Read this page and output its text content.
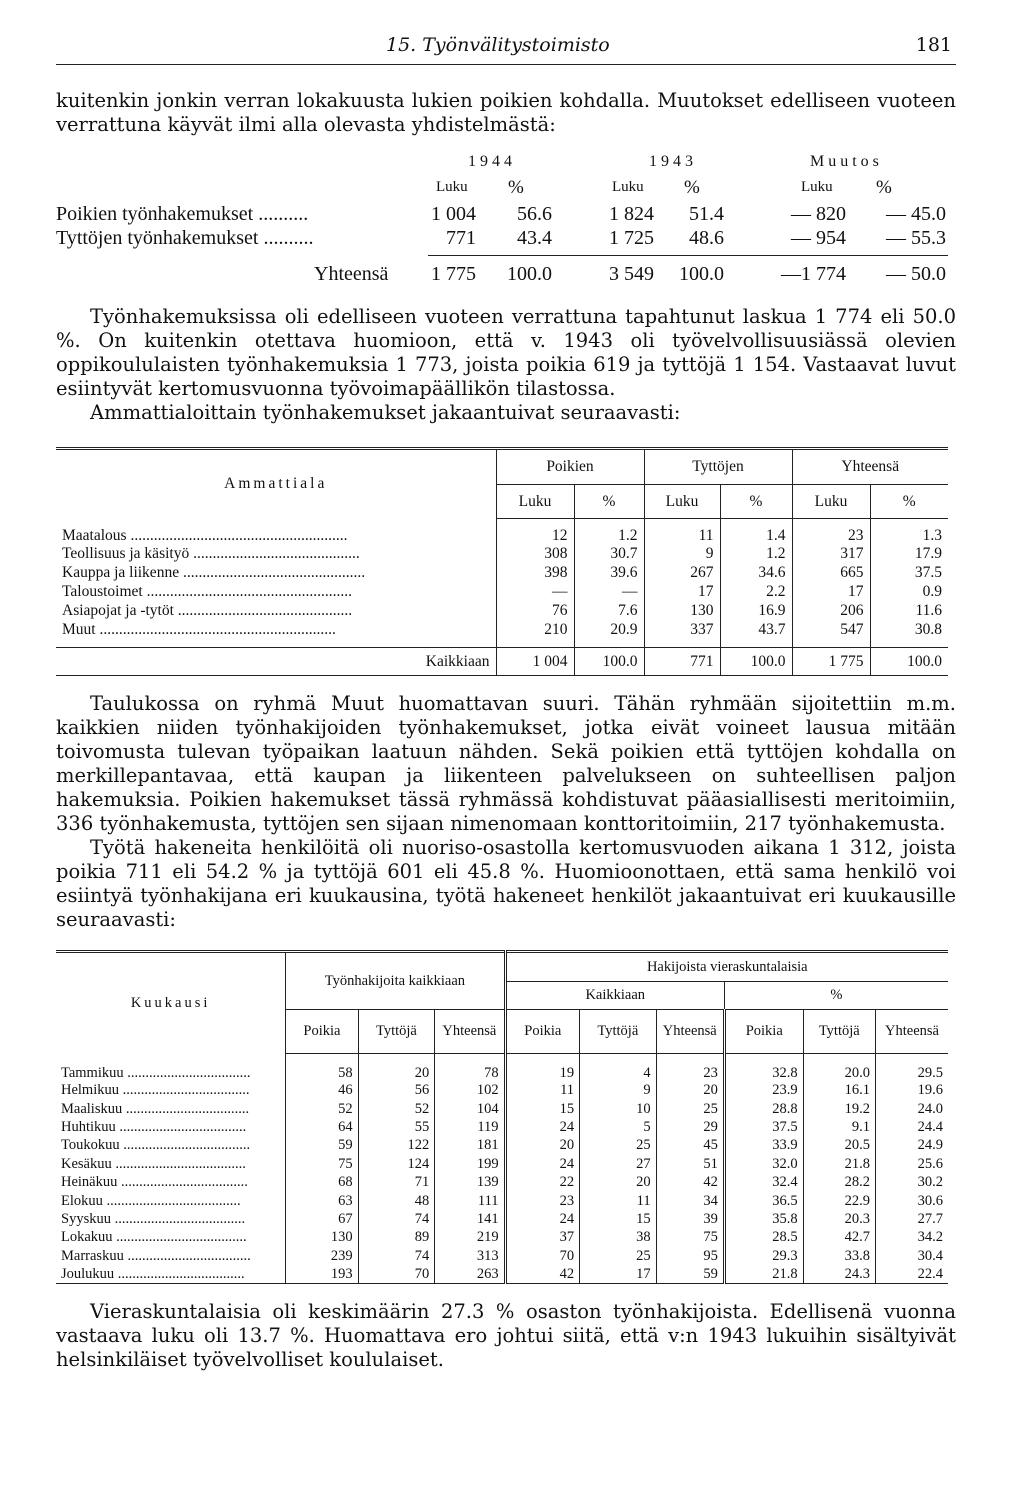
15. Työnvälitystoimisto	181

kuitenkin jonkin verran lokakuusta lukien poikien kohdalla. Muutokset edelliseen vuoteen verrattuna käyvät ilmi alla olevasta yhdistelmästä:

1944	1943	Muutos
Luku %	Luku %	Luku %
Poikien työnhakemukset ..........	1 004 56.6	1 824 51.4	— 820 — 45.0
Tyttöjen työnhakemukset ..........	771 43.4	1 725 48.6	— 954 — 55.3
Yhteensä 1 775 100.0	3 549 100.0	—1 774 — 50.0

Työnhakemuksissa oli edelliseen vuoteen verrattuna tapahtunut laskua 1 774 eli 50.0 %. On kuitenkin otettava huomioon, että v. 1943 oli työvelvollisuusiässä olevien oppikoululaisten työnhakemuksia 1 773, joista poikia 619 ja tyttöjä 1 154. Vastaavat luvut esiintyvät kertomusvuonna työvoimapäällikön tilastossa.

Ammattialoittain työnhakemukset jakaantuivat seuraavasti:

Ammattiala	Poikien		Tyttöjen		Yhteensä	
	Luku	%	Luku	%	Luku	%
Maatalous ........................................................	12	1.2	11	1.4	23	1.3
Teollisuus ja käsityö ...........................................	308	30.7	9	1.2	317	17.9
Kauppa ja liikenne ...............................................	398	39.6	267	34.6	665	37.5
Taloustoimet .....................................................	—	—	17	2.2	17	0.9
Asiapojat ja -tytöt .............................................	76	7.6	130	16.9	206	11.6
Muut .............................................................	210	20.9	337	43.7	547	30.8

Kaikkiaan	1 004	100.0	771	100.0	1 775	100.0

Taulukossa on ryhmä Muut huomattavan suuri. Tähän ryhmään sijoitettiin m.m. kaikkien niiden työnhakijoiden työnhakemukset, jotka eivät voineet lausua mitään toivomusta tulevan työpaikan laatuun nähden. Sekä poikien että tyttöjen kohdalla on merkillepantavaa, että kaupan ja liikenteen palvelukseen on suhteellisen paljon hakemuksia. Poikien hakemukset tässä ryhmässä kohdistuvat pääasiallisesti meritoimiin, 336 työnhakemusta, tyttöjen sen sijaan nimenomaan konttoritoimiin, 217 työnhakemusta.

Työtä hakeneita henkilöitä oli nuoriso-osastolla kertomusvuoden aikana 1 312, joista poikia 711 eli 54.2 % ja tyttöjä 601 eli 45.8 %. Huomioonottaen, että sama henkilö voi esiintyä työnhakijana eri kuukausina, työtä hakeneet henkilöt jakaantuivat eri kuukausille seuraavasti:

Kuukausi	Työnhakijoita kaikkiaan			Hakijoista vieraskuntalaisia					
				Kaikkiaan			%		
	Poikia	Tyttöjä	Yhteensä	Poikia	Tyttöjä	Yhteensä	Poikia	Tyttöjä	Yhteensä
Tammikuu ..................................	58	20	78	19	4	23	32.8	20.0	29.5
Helmikuu ...................................	46	56	102	11	9	20	23.9	16.1	19.6
Maaliskuu ..................................	52	52	104	15	10	25	28.8	19.2	24.0
Huhtikuu ...................................	64	55	119	24	5	29	37.5	9.1	24.4
Toukokuu ...................................	59	122	181	20	25	45	33.9	20.5	24.9
Kesäkuu ....................................	75	124	199	24	27	51	32.0	21.8	25.6
Heinäkuu ...................................	68	71	139	22	20	42	32.4	28.2	30.2
Elokuu .....................................	63	48	111	23	11	34	36.5	22.9	30.6
Syyskuu ....................................	67	74	141	24	15	39	35.8	20.3	27.7
Lokakuu ....................................	130	89	219	37	38	75	28.5	42.7	34.2
Marraskuu ..................................	239	74	313	70	25	95	29.3	33.8	30.4
Joulukuu ...................................	193	70	263	42	17	59	21.8	24.3	22.4

Vieraskuntalaisia oli keskimäärin 27.3 % osaston työnhakijoista. Edellisenä vuonna vastaava luku oli 13.7 %. Huomattava ero johtui siitä, että v:n 1943 lukuihin sisältyivät helsinkiläiset työvelvolliset koululaiset.
